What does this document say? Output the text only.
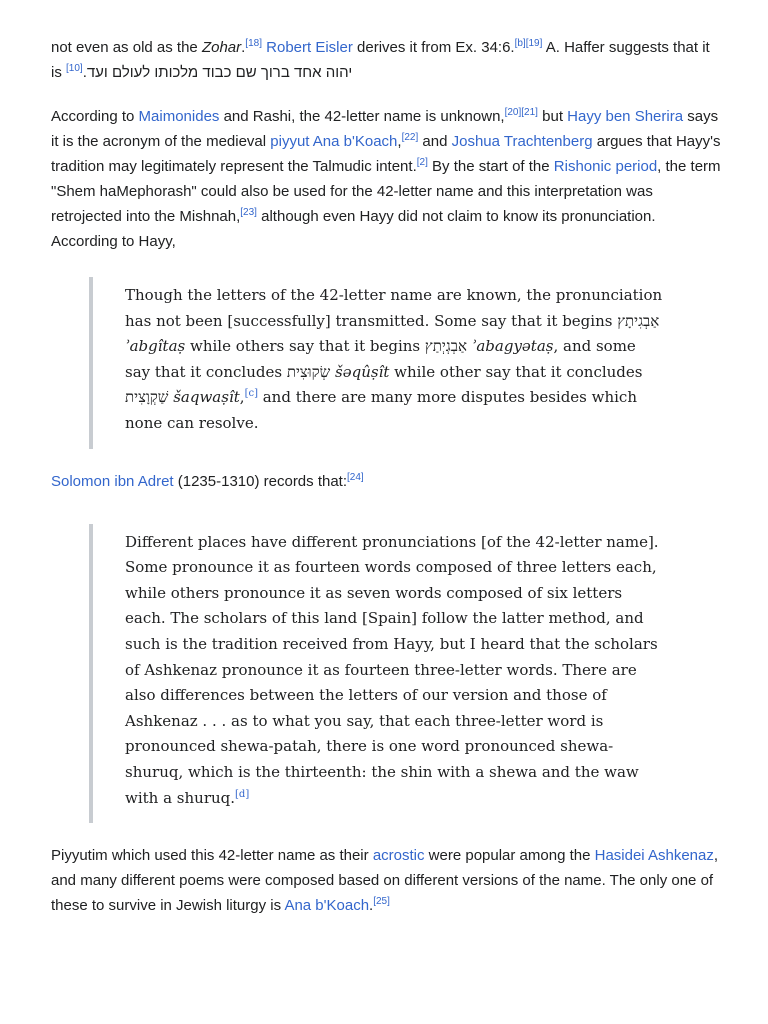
not even as old as the Zohar.[18] Robert Eisler derives it from Ex. 34:6.[b][19] A. Haffer suggests that it is יהוה אחד ברוך שם כבוד מלכותו לעולם ועד.[10]

According to Maimonides and Rashi, the 42-letter name is unknown,[20][21] but Hayy ben Sherira says it is the acronym of the medieval piyyut Ana b'Koach,[22] and Joshua Trachtenberg argues that Hayy's tradition may legitimately represent the Talmudic intent.[2] By the start of the Rishonic period, the term "Shem haMephorash" could also be used for the 42-letter name and this interpretation was retrojected into the Mishnah,[23] although even Hayy did not claim to know its pronunciation. According to Hayy,

Though the letters of the 42-letter name are known, the pronunciation has not been [successfully] transmitted. Some say that it begins אַבְגִיתָץ ʾabgîtaṣ while others say that it begins אַבְגְיְתַץ ʾabagyətaṣ, and some say that it concludes שְׂקוּצִית šəqûṣît while other say that it concludes שַׁקְוָצִית šaqwaṣît,[c] and there are many more disputes besides which none can resolve.

Solomon ibn Adret (1235-1310) records that:[24]

Different places have different pronunciations [of the 42-letter name]. Some pronounce it as fourteen words composed of three letters each, while others pronounce it as seven words composed of six letters each. The scholars of this land [Spain] follow the latter method, and such is the tradition received from Hayy, but I heard that the scholars of Ashkenaz pronounce it as fourteen three-letter words. There are also differences between the letters of our version and those of Ashkenaz . . . as to what you say, that each three-letter word is pronounced shewa-patah, there is one word pronounced shewa-shuruq, which is the thirteenth: the shin with a shewa and the waw with a shuruq.[d]

Piyyutim which used this 42-letter name as their acrostic were popular among the Hasidei Ashkenaz, and many different poems were composed based on different versions of the name. The only one of these to survive in Jewish liturgy is Ana b'Koach.[25]
